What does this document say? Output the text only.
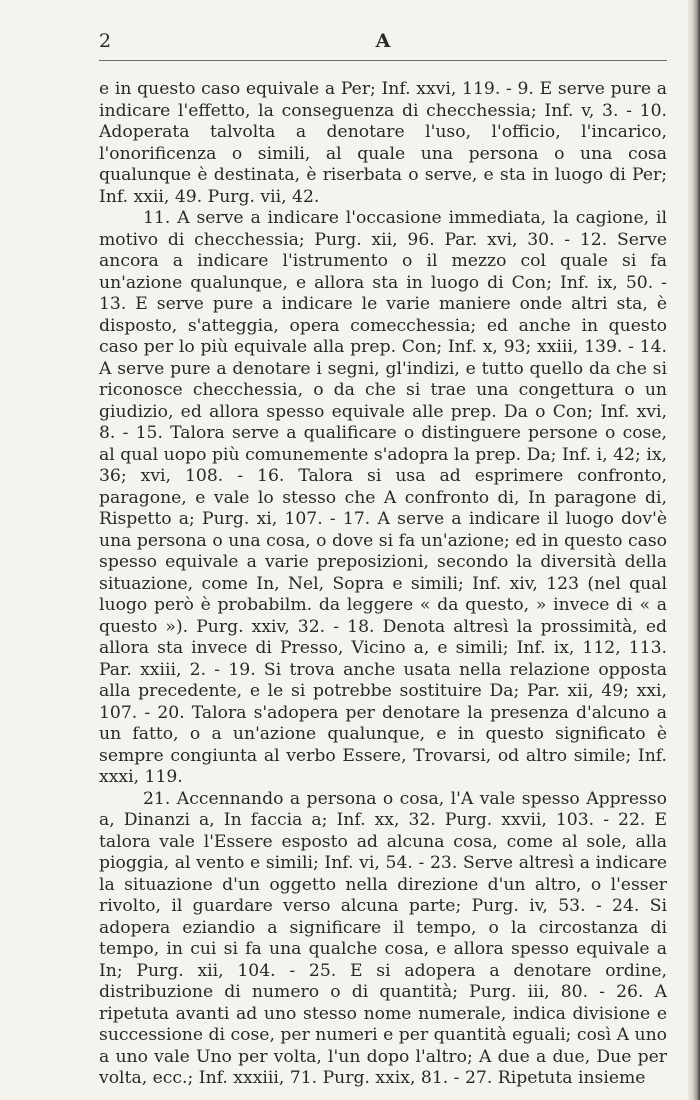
2	A

e in questo caso equivale a Per; Inf. xxvi, 119. - 9. E serve pure a indicare l'effetto, la conseguenza di checchessia; Inf. v, 3. - 10. Adoperata talvolta a denotare l'uso, l'officio, l'incarico, l'onorificenza o simili, al quale una persona o una cosa qualunque è destinata, è riserbata o serve, e sta in luogo di Per; Inf. xxii, 49. Purg. vii, 42.

11. A serve a indicare l'occasione immediata, la cagione, il motivo di checchessia; Purg. xii, 96. Par. xvi, 30. - 12. Serve ancora a indicare l'istrumento o il mezzo col quale si fa un'azione qualunque, e allora sta in luogo di Con; Inf. ix, 50. - 13. E serve pure a indicare le varie maniere onde altri sta, è disposto, s'atteggia, opera comecchessia; ed anche in questo caso per lo più equivale alla prep. Con; Inf. x, 93; xxiii, 139. - 14. A serve pure a denotare i segni, gl'indizi, e tutto quello da che si riconosce checchessia, o da che si trae una congettura o un giudizio, ed allora spesso equivale alle prep. Da o Con; Inf. xvi, 8. - 15. Talora serve a qualificare o distinguere persone o cose, al qual uopo più comunemente s'adopra la prep. Da; Inf. i, 42; ix, 36; xvi, 108. - 16. Talora si usa ad esprimere confronto, paragone, e vale lo stesso che A confronto di, In paragone di, Rispetto a; Purg. xi, 107. - 17. A serve a indicare il luogo dov'è una persona o una cosa, o dove si fa un'azione; ed in questo caso spesso equivale a varie preposizioni, secondo la diversità della situazione, come In, Nel, Sopra e simili; Inf. xiv, 123 (nel qual luogo però è probabilm. da leggere « da questo, » invece di « a questo »). Purg. xxiv, 32. - 18. Denota altresì la prossimità, ed allora sta invece di Presso, Vicino a, e simili; Inf. ix, 112, 113. Par. xxiii, 2. - 19. Si trova anche usata nella relazione opposta alla precedente, e le si potrebbe sostituire Da; Par. xii, 49; xxi, 107. - 20. Talora s'adopera per denotare la presenza d'alcuno a un fatto, o a un'azione qualunque, e in questo significato è sempre congiunta al verbo Essere, Trovarsi, od altro simile; Inf. xxxi, 119.

21. Accennando a persona o cosa, l'A vale spesso Appresso a, Dinanzi a, In faccia a; Inf. xx, 32. Purg. xxvii, 103. - 22. E talora vale l'Essere esposto ad alcuna cosa, come al sole, alla pioggia, al vento e simili; Inf. vi, 54. - 23. Serve altresì a indicare la situazione d'un oggetto nella direzione d'un altro, o l'esser rivolto, il guardare verso alcuna parte; Purg. iv, 53. - 24. Si adopera eziandio a significare il tempo, o la circostanza di tempo, in cui si fa una qualche cosa, e allora spesso equivale a In; Purg. xii, 104. - 25. E si adopera a denotare ordine, distribuzione di numero o di quantità; Purg. iii, 80. - 26. A ripetuta avanti ad uno stesso nome numerale, indica divisione e successione di cose, per numeri e per quantità eguali; così A uno a uno vale Uno per volta, l'un dopo l'altro; A due a due, Due per volta, ecc.; Inf. xxxiii, 71. Purg. xxix, 81. - 27. Ripetuta insieme
